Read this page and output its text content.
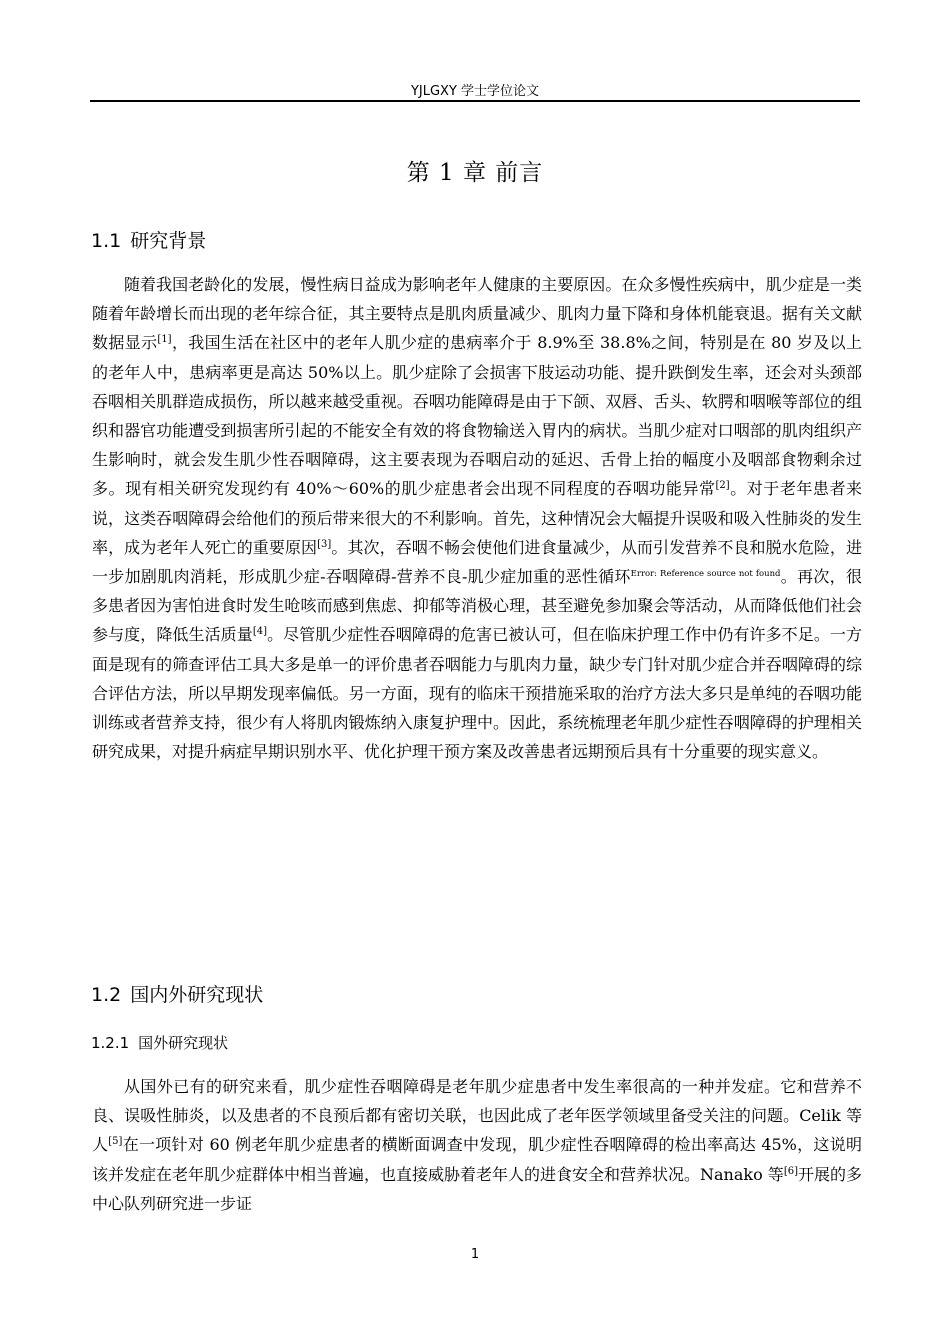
YJLGXY 学士学位论文
第 1 章 前言
1.1 研究背景

随着我国老龄化的发展，慢性病日益成为影响老年人健康的主要原因。在众多慢性疾病中，肌少症是一类随着年龄增长而出现的老年综合征，其主要特点是肌肉质量减少、肌肉力量下降和身体机能衰退。据有关文献数据显示[1]，我国生活在社区中的老年人肌少症的患病率介于 8.9%至 38.8%之间，特别是在 80 岁及以上的老年人中，患病率更是高达 50%以上。肌少症除了会损害下肢运动功能、提升跌倒发生率，还会对头颈部吞咽相关肌群造成损伤，所以越来越受重视。吞咽功能障碍是由于下颌、双唇、舌头、软腭和咽喉等部位的组织和器官功能遭受到损害所引起的不能安全有效的将食物输送入胃内的病状。当肌少症对口咽部的肌肉组织产生影响时，就会发生肌少性吞咽障碍，这主要表现为吞咽启动的延迟、舌骨上抬的幅度小及咽部食物剩余过多。现有相关研究发现约有 40%～60%的肌少症患者会出现不同程度的吞咽功能异常[2]。对于老年患者来说，这类吞咽障碍会给他们的预后带来很大的不利影响。首先，这种情况会大幅提升误吸和吸入性肺炎的发生率，成为老年人死亡的重要原因[3]。其次，吞咽不畅会使他们进食量减少，从而引发营养不良和脱水危险，进一步加剧肌肉消耗，形成肌少症-吞咽障碍-营养不良-肌少症加重的恶性循环$^{Error: Reference source not found}$。再次，很多患者因为害怕进食时发生呛咳而感到焦虑、抑郁等消极心理，甚至避免参加聚会等活动，从而降低他们社会参与度，降低生活质量[4]。尽管肌少症性吞咽障碍的危害已被认可，但在临床护理工作中仍有许多不足。一方面是现有的筛查评估工具大多是单一的评价患者吞咽能力与肌肉力量，缺少专门针对肌少症合并吞咽障碍的综合评估方法，所以早期发现率偏低。另一方面，现有的临床干预措施采取的治疗方法大多只是单纯的吞咽功能训练或者营养支持，很少有人将肌肉锻炼纳入康复护理中。因此，系统梳理老年肌少症性吞咽障碍的护理相关研究成果，对提升病症早期识别水平、优化护理干预方案及改善患者远期预后具有十分重要的现实意义。

1.2 国内外研究现状
1.2.1 国外研究现状

从国外已有的研究来看，肌少症性吞咽障碍是老年肌少症患者中发生率很高的一种并发症。它和营养不良、误吸性肺炎，以及患者的不良预后都有密切关联，也因此成了老年医学领域里备受关注的问题。Celik 等人[5]在一项针对 60 例老年肌少症患者的横断面调查中发现，肌少症性吞咽障碍的检出率高达 45%，这说明该并发症在老年肌少症群体中相当普遍，也直接威胁着老年人的进食安全和营养状况。Nanako 等[6]开展的多中心队列研究进一步证

1
